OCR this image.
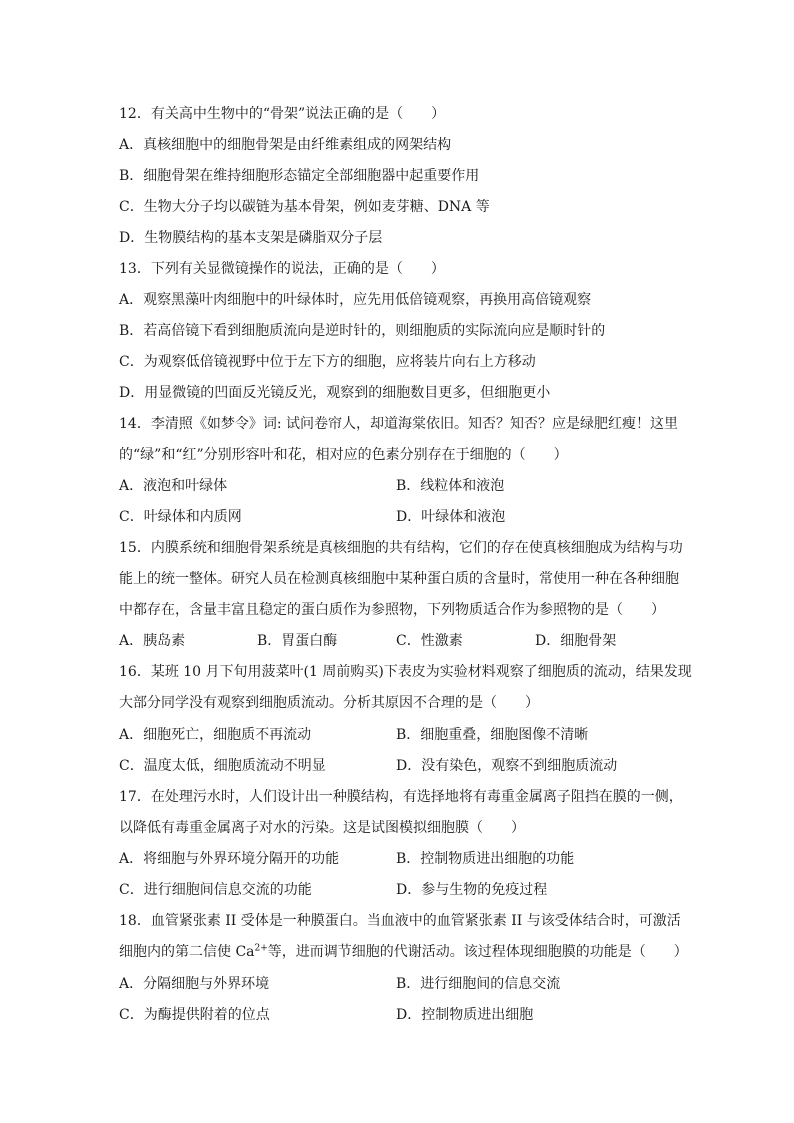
12．有关高中生物中的“骨架”说法正确的是（　　）
A．真核细胞中的细胞骨架是由纤维素组成的网架结构
B．细胞骨架在维持细胞形态锚定全部细胞器中起重要作用
C．生物大分子均以碳链为基本骨架，例如麦芽糖、DNA 等
D．生物膜结构的基本支架是磷脂双分子层
13．下列有关显微镜操作的说法，正确的是（　　）
A．观察黑藻叶肉细胞中的叶绿体时，应先用低倍镜观察，再换用高倍镜观察
B．若高倍镜下看到细胞质流向是逆时针的，则细胞质的实际流向应是顺时针的
C．为观察低倍镜视野中位于左下方的细胞，应将装片向右上方移动
D．用显微镜的凹面反光镜反光，观察到的细胞数目更多，但细胞更小
14．李清照《如梦令》词: 试问卷帘人，却道海棠依旧。知否？知否？应是绿肥红瘦！这里
的“绿”和“红”分别形容叶和花，相对应的色素分别存在于细胞的（　　）
A．液泡和叶绿体	B．线粒体和液泡
C．叶绿体和内质网	D．叶绿体和液泡
15．内膜系统和细胞骨架系统是真核细胞的共有结构，它们的存在使真核细胞成为结构与功
能上的统一整体。研究人员在检测真核细胞中某种蛋白质的含量时，常使用一种在各种细胞
中都存在，含量丰富且稳定的蛋白质作为参照物，下列物质适合作为参照物的是（　　）
A．胰岛素	B．胃蛋白酶	C．性激素	D．细胞骨架
16．某班 10 月下旬用菠菜叶(1 周前购买)下表皮为实验材料观察了细胞质的流动，结果发现
大部分同学没有观察到细胞质流动。分析其原因不合理的是（　　）
A．细胞死亡，细胞质不再流动	B．细胞重叠，细胞图像不清晰
C．温度太低，细胞质流动不明显	D．没有染色，观察不到细胞质流动
17．在处理污水时，人们设计出一种膜结构，有选择地将有毒重金属离子阻挡在膜的一侧，
以降低有毒重金属离子对水的污染。这是试图模拟细胞膜（　　）
A．将细胞与外界环境分隔开的功能	B．控制物质进出细胞的功能
C．进行细胞间信息交流的功能	D．参与生物的免疫过程
18．血管紧张素 II 受体是一种膜蛋白。当血液中的血管紧张素 II 与该受体结合时，可激活
细胞内的第二信使 $Ca^{2+}$等，进而调节细胞的代谢活动。该过程体现细胞膜的功能是（　　）
A．分隔细胞与外界环境	B．进行细胞间的信息交流
C．为酶提供附着的位点	D．控制物质进出细胞
